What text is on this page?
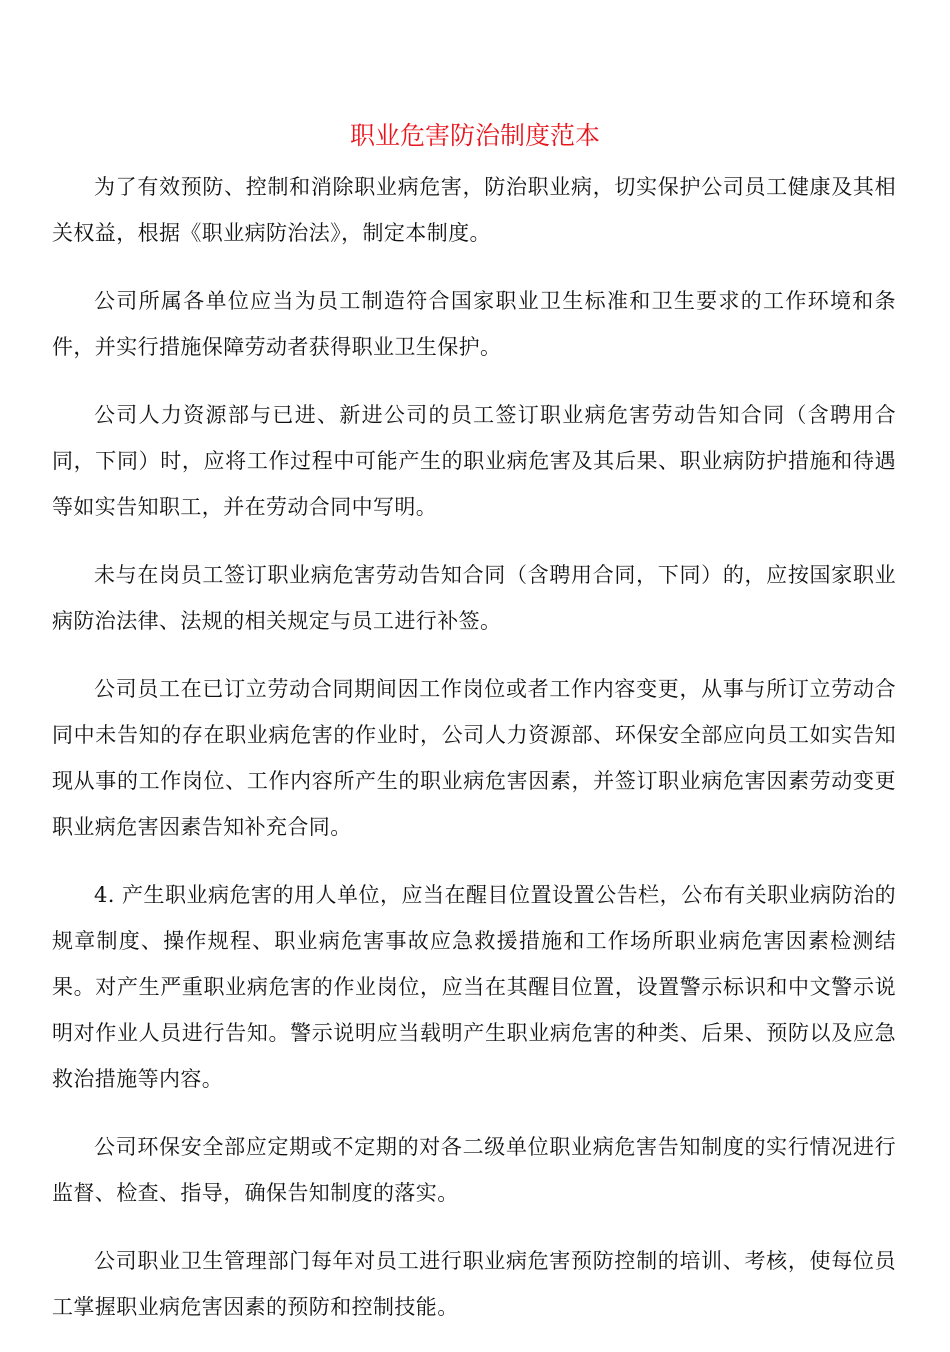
职业危害防治制度范本

为了有效预防、控制和消除职业病危害，防治职业病，切实保护公司员工健康及其相关权益，根据《职业病防治法》，制定本制度。

公司所属各单位应当为员工制造符合国家职业卫生标准和卫生要求的工作环境和条件，并实行措施保障劳动者获得职业卫生保护。

公司人力资源部与已进、新进公司的员工签订职业病危害劳动告知合同（含聘用合同，下同）时，应将工作过程中可能产生的职业病危害及其后果、职业病防护措施和待遇等如实告知职工，并在劳动合同中写明。

未与在岗员工签订职业病危害劳动告知合同（含聘用合同，下同）的，应按国家职业病防治法律、法规的相关规定与员工进行补签。

公司员工在已订立劳动合同期间因工作岗位或者工作内容变更，从事与所订立劳动合同中未告知的存在职业病危害的作业时，公司人力资源部、环保安全部应向员工如实告知现从事的工作岗位、工作内容所产生的职业病危害因素，并签订职业病危害因素劳动变更职业病危害因素告知补充合同。

4. 产生职业病危害的用人单位，应当在醒目位置设置公告栏，公布有关职业病防治的规章制度、操作规程、职业病危害事故应急救援措施和工作场所职业病危害因素检测结果。对产生严重职业病危害的作业岗位，应当在其醒目位置，设置警示标识和中文警示说明对作业人员进行告知。警示说明应当载明产生职业病危害的种类、后果、预防以及应急救治措施等内容。

公司环保安全部应定期或不定期的对各二级单位职业病危害告知制度的实行情况进行监督、检查、指导，确保告知制度的落实。

公司职业卫生管理部门每年对员工进行职业病危害预防控制的培训、考核，使每位员工掌握职业病危害因素的预防和控制技能。
